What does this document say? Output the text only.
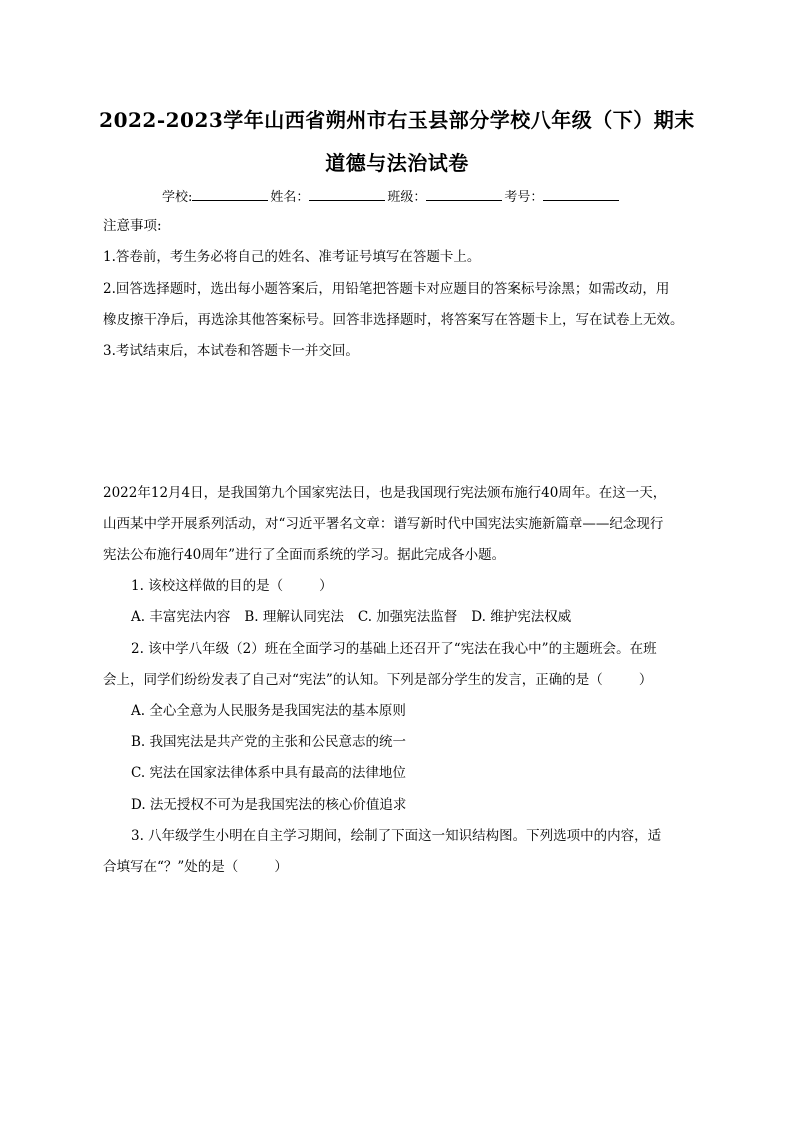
2022-2023学年山西省朔州市右玉县部分学校八年级（下）期末
道德与法治试卷
学校:	姓名：	班级：	考号：
注意事项:
1.答卷前，考生务必将自己的姓名、准考证号填写在答题卡上。
2.回答选择题时，选出每小题答案后，用铅笔把答题卡对应题目的答案标号涂黑；如需改动，用
橡皮擦干净后，再选涂其他答案标号。回答非选择题时，将答案写在答题卡上，写在试卷上无效。
3.考试结束后，本试卷和答题卡一并交回。
2022年12月4日，是我国第九个国家宪法日，也是我国现行宪法颁布施行40周年。在这一天，
山西某中学开展系列活动，对“习近平署名文章：谱写新时代中国宪法实施新篇章——纪念现行
宪法公布施行40周年”进行了全面而系统的学习。据此完成各小题。
1. 该校这样做的目的是（	）
A. 丰富宪法内容 B. 理解认同宪法 C. 加强宪法监督 D. 维护宪法权威
2. 该中学八年级（2）班在全面学习的基础上还召开了“宪法在我心中”的主题班会。在班
会上，同学们纷纷发表了自己对“宪法”的认知。下列是部分学生的发言，正确的是（	）
A. 全心全意为人民服务是我国宪法的基本原则
B. 我国宪法是共产党的主张和公民意志的统一
C. 宪法在国家法律体系中具有最高的法律地位
D. 法无授权不可为是我国宪法的核心价值追求
3. 八年级学生小明在自主学习期间，绘制了下面这一知识结构图。下列选项中的内容，适
合填写在“？”处的是（	）
